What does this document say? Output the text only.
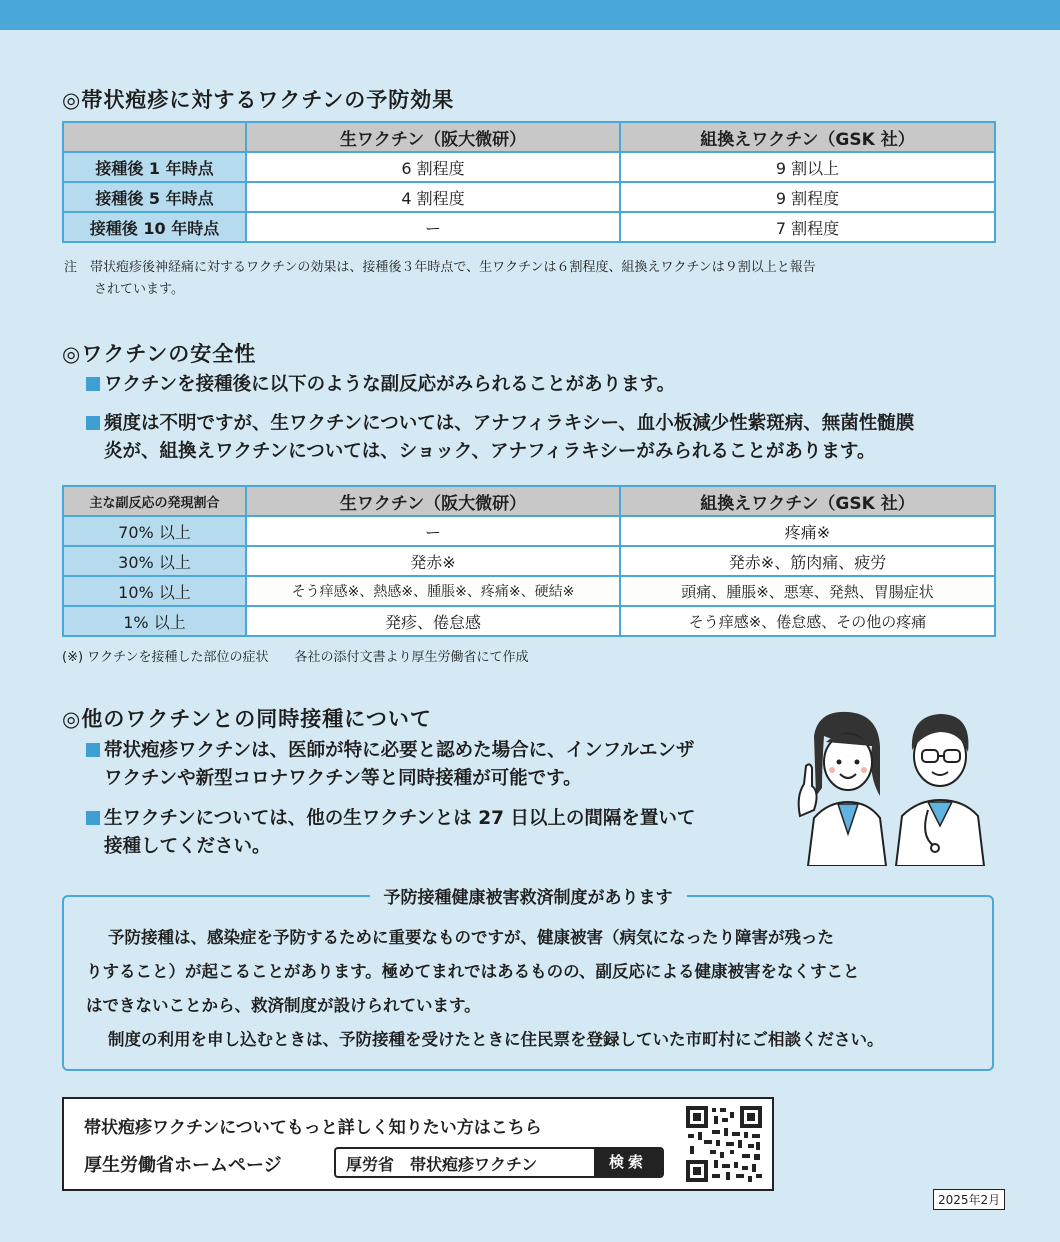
◎帯状疱疹に対するワクチンの予防効果
	生ワクチン（阪大微研）	組換えワクチン（GSK 社）
接種後 1 年時点	6 割程度	9 割以上
接種後 5 年時点	4 割程度	9 割程度
接種後 10 年時点	ー	7 割程度
注　帯状疱疹後神経痛に対するワクチンの効果は、接種後３年時点で、生ワクチンは６割程度、組換えワクチンは９割以上と報告
されています。
◎ワクチンの安全性
ワクチンを接種後に以下のような副反応がみられることがあります。
頻度は不明ですが、生ワクチンについては、アナフィラキシー、血小板減少性紫斑病、無菌性髄膜
炎が、組換えワクチンについては、ショック、アナフィラキシーがみられることがあります。
主な副反応の発現割合	生ワクチン（阪大微研）	組換えワクチン（GSK 社）
70% 以上	ー	疼痛※
30% 以上	発赤※	発赤※、筋肉痛、疲労
10% 以上	そう痒感※、熱感※、腫脹※、疼痛※、硬結※	頭痛、腫脹※、悪寒、発熱、胃腸症状
1% 以上	発疹、倦怠感	そう痒感※、倦怠感、その他の疼痛
(※) ワクチンを接種した部位の症状　　各社の添付文書より厚生労働省にて作成
◎他のワクチンとの同時接種について
帯状疱疹ワクチンは、医師が特に必要と認めた場合に、インフルエンザ
ワクチンや新型コロナワクチン等と同時接種が可能です。
生ワクチンについては、他の生ワクチンとは 27 日以上の間隔を置いて
接種してください。
予防接種健康被害救済制度があります

予防接種は、感染症を予防するために重要なものですが、健康被害（病気になったり障害が残った

りすること）が起こることがあります。極めてまれではあるものの、副反応による健康被害をなくすこと

はできないことから、救済制度が設けられています。

制度の利用を申し込むときは、予防接種を受けたときに住民票を登録していた市町村にご相談ください。

帯状疱疹ワクチンについてもっと詳しく知りたい方はこちら
厚生労働省ホームページ	厚労省　帯状疱疹ワクチン	検索
2025年2月
